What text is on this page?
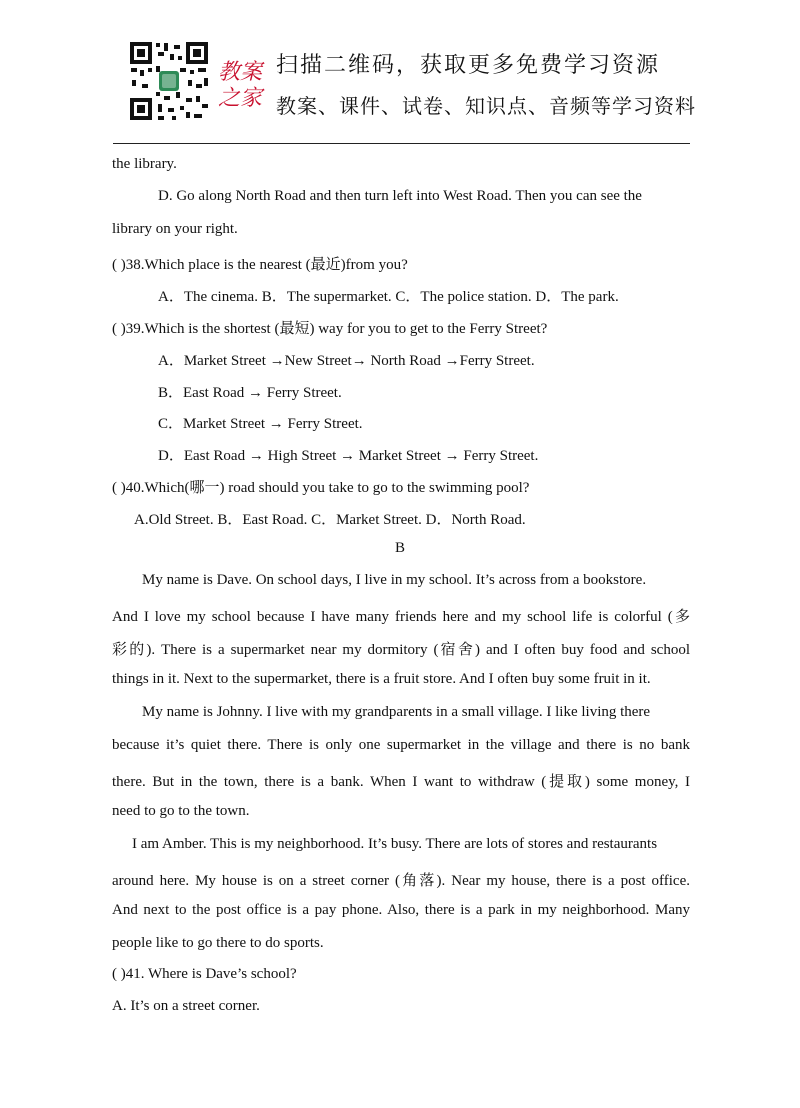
教案之家
扫描二维码，获取更多免费学习资源
教案、课件、试卷、知识点、音频等学习资料
the library.
D. Go along North Road and then turn left into West Road. Then you can see the
library on your right.
( )38.Which place is the nearest (最近)from you?
A．The cinema. B．The supermarket. C．The police station. D．The park.
( )39.Which is the shortest (最短) way for you to get to the Ferry Street?
A．Market Street →New Street→ North Road →Ferry Street.
B．East Road → Ferry Street.
C．Market Street → Ferry Street.
D．East Road → High Street → Market Street → Ferry Street.
( )40.Which(哪一) road should you take to go to the swimming pool?
A.Old Street. B．East Road. C．Market Street. D．North Road.
B
My name is Dave. On school days, I live in my school. It’s across from a bookstore.
And I love my school because I have many friends here and my school life is colorful (多
彩的). There is a supermarket near my dormitory (宿舍) and I often buy food and school
things in it. Next to the supermarket, there is a fruit store. And I often buy some fruit in it.
My name is Johnny. I live with my grandparents in a small village. I like living there
because it’s quiet there. There is only one supermarket in the village and there is no bank
there. But in the town, there is a bank. When I want to withdraw (提取) some money, I
need to go to the town.
I am Amber. This is my neighborhood. It’s busy. There are lots of stores and restaurants
around here. My house is on a street corner (角落). Near my house, there is a post office.
And next to the post office is a pay phone. Also, there is a park in my neighborhood. Many
people like to go there to do sports.
( )41. Where is Dave’s school?
A. It’s on a street corner.
